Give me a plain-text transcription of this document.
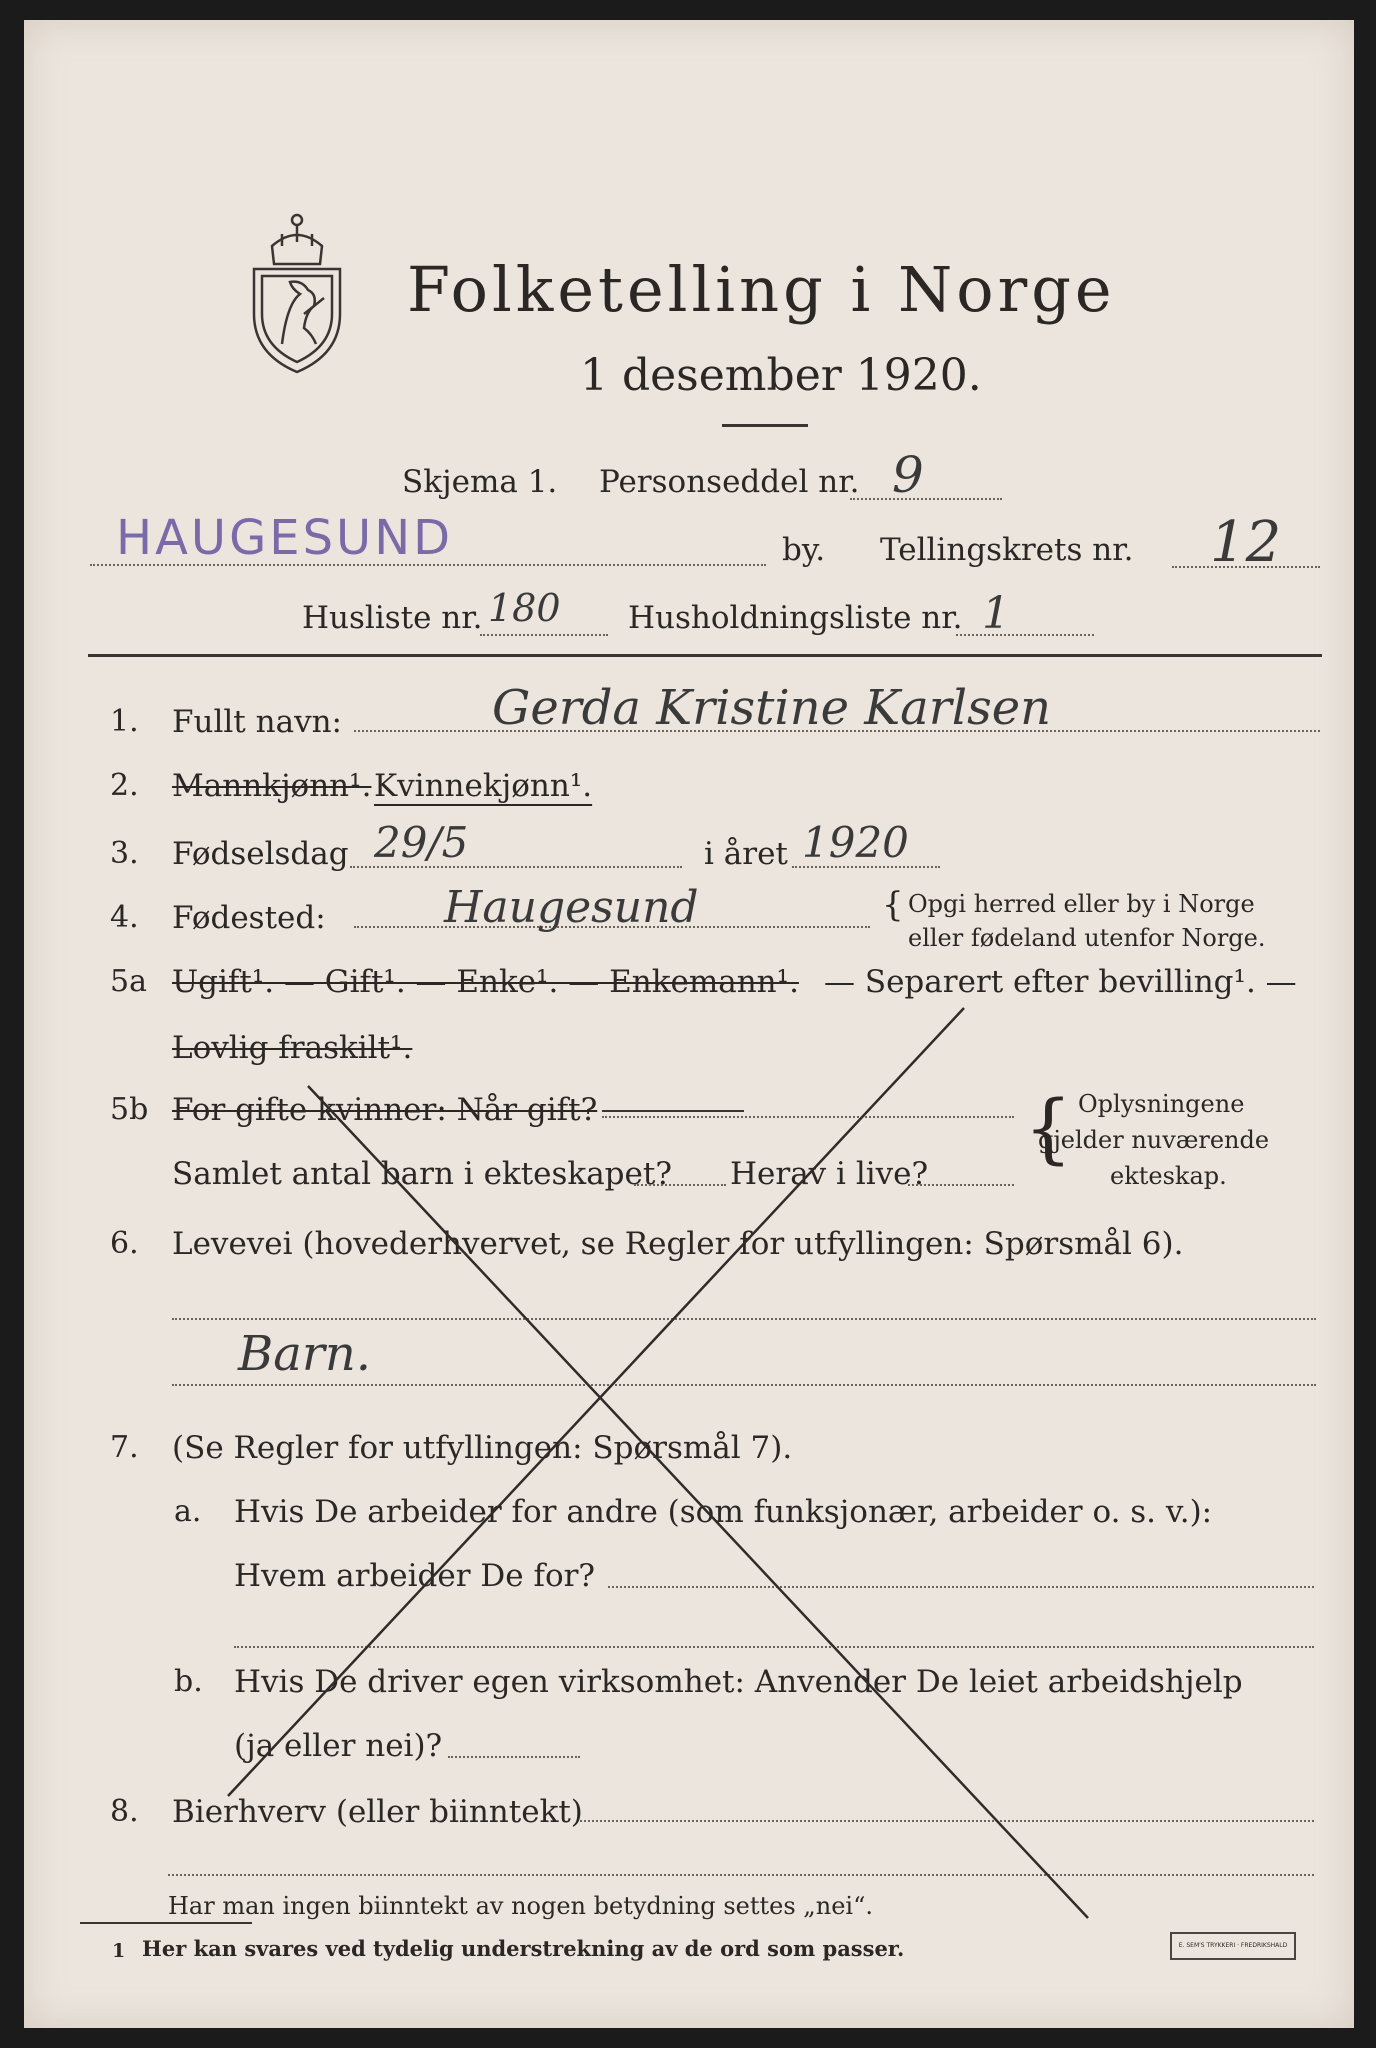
Folketelling i Norge
1 desember 1920.
Skjema 1. Personseddel nr. 9
HAUGESUND	by. Tellingskrets nr. 12
Husliste nr. 180 Husholdningsliste nr. 1
1. Fullt navn:	Gerda Kristine Karlsen
2. Mannkjønn¹. Kvinnekjønn¹.
3. Fødselsdag 29/5	i året 1920
4. Fødested:	Haugesund	{ Opgi herred eller by i Norge
eller fødeland utenfor Norge.
5a Ugift¹. — Gift¹. — Enke¹. — Enkemann¹. — Separert efter bevilling¹. —
Lovlig fraskilt¹.
5b For gifte kvinner: Når gift?
Samlet antal barn i ekteskapet? Herav i live?
{ Oplysningene
gjelder nuværende
ekteskap.
6. Levevei (hovederhvervet, se Regler for utfyllingen: Spørsmål 6).
Barn.
7. (Se Regler for utfyllingen: Spørsmål 7).
a. Hvis De arbeider for andre (som funksjonær, arbeider o. s. v.):
Hvem arbeider De for?
b. Hvis De driver egen virksomhet: Anvender De leiet arbeidshjelp
(ja eller nei)?
8. Bierhverv (eller biinntekt)
Har man ingen biinntekt av nogen betydning settes „nei“.
1 Her kan svares ved tydelig understrekning av de ord som passer.	E. SEM'S TRYKKERI · FREDRIKSHALD
